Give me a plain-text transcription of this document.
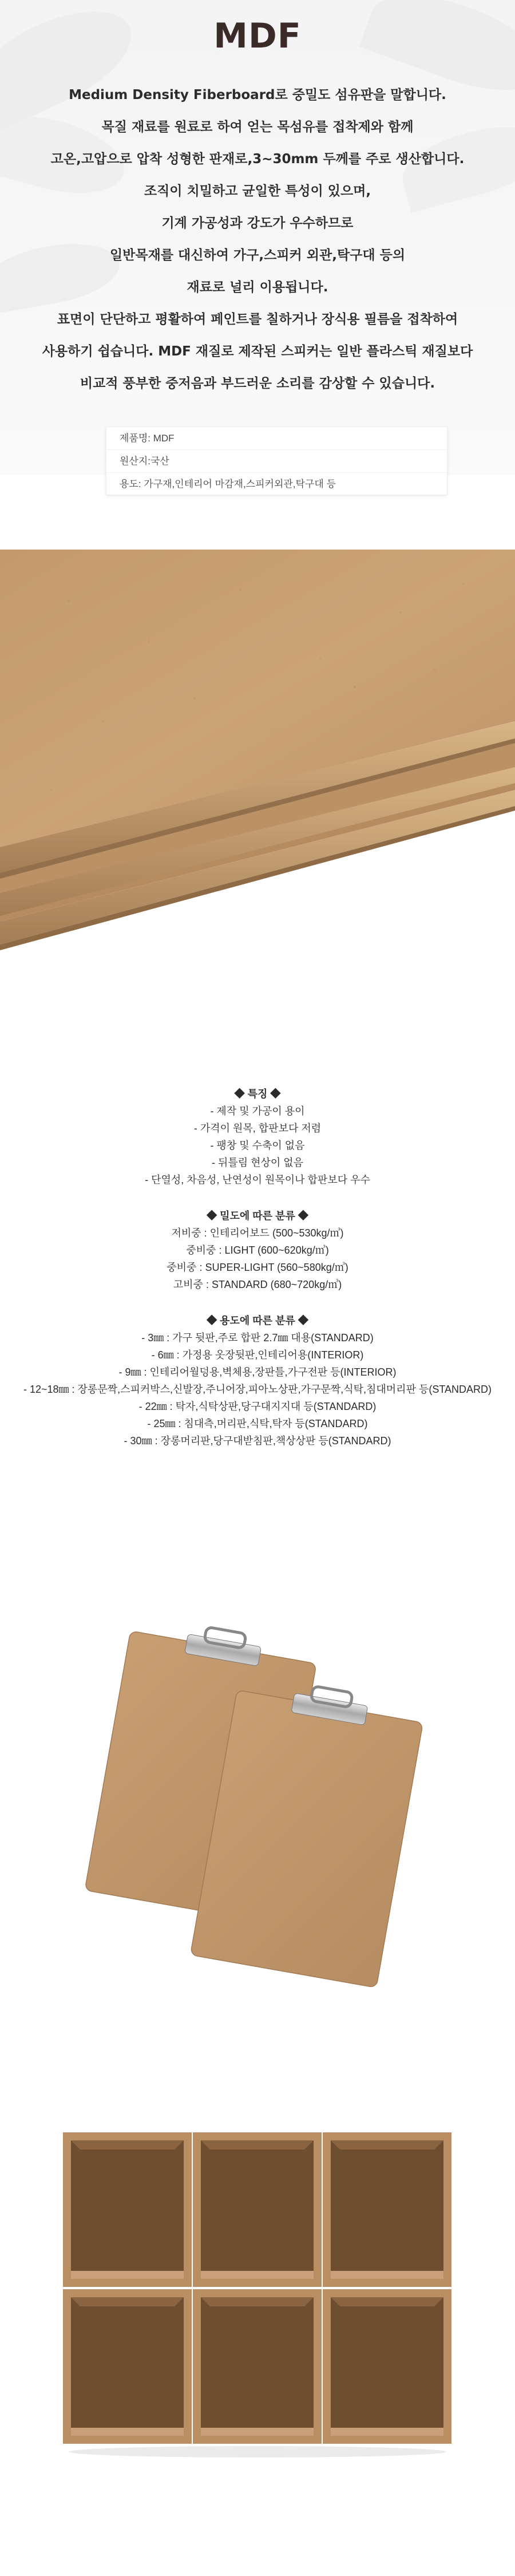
MDF

Medium Density Fiberboard로 중밀도 섬유판을 말합니다.

목질 재료를 원료로 하여 얻는 목섬유를 접착제와 함께

고온,고압으로 압착 성형한 판재로,3~30mm 두께를 주로 생산합니다.

조직이 치밀하고 균일한 특성이 있으며,

기계 가공성과 강도가 우수하므로

일반목재를 대신하여 가구,스피커 외관,탁구대 등의

재료로 널리 이용됩니다.

표면이 단단하고 평활하여 페인트를 칠하거나 장식용 필름을 접착하여

사용하기 쉽습니다. MDF 재질로 제작된 스피커는 일반 플라스틱 재질보다

비교적 풍부한 중저음과 부드러운 소리를 감상할 수 있습니다.

제품명: MDF
원산지:국산
용도: 가구재,인테리어 마감재,스피커외관,탁구대 등
◆ 특징 ◆
- 제작 및 가공이 용이
- 가격이 원목, 합판보다 저렴
- 팽창 및 수축이 없음
- 뒤틀림 현상이 없음
- 단열성, 차음성, 난연성이 원목이나 합판보다 우수
◆ 밀도에 따른 분류 ◆
저비중 : 인테리어보드 (500~530kg/㎥)
중비중 : LIGHT (600~620kg/㎥)
중비중 : SUPER-LIGHT (560~580kg/㎥)
고비중 : STANDARD (680~720kg/㎥)
◆ 용도에 따른 분류 ◆
- 3㎜ : 가구 뒷판,주로 합판 2.7㎜ 대용(STANDARD)
- 6㎜ : 가정용 옷장뒷판,인테리어용(INTERIOR)
- 9㎜ : 인테리어월덩용,벽체용,장판틀,가구전판 등(INTERIOR)
- 12~18㎜ : 장롱문짝,스피커박스,신발장,주니어장,피아노상판,가구문짝,식탁,침대머리판 등(STANDARD)
- 22㎜ : 탁자,식탁상판,당구대지지대 등(STANDARD)
- 25㎜ : 침대측,머리판,식탁,탁자 등(STANDARD)
- 30㎜ : 장롱머리판,당구대받침판,책상상판 등(STANDARD)
